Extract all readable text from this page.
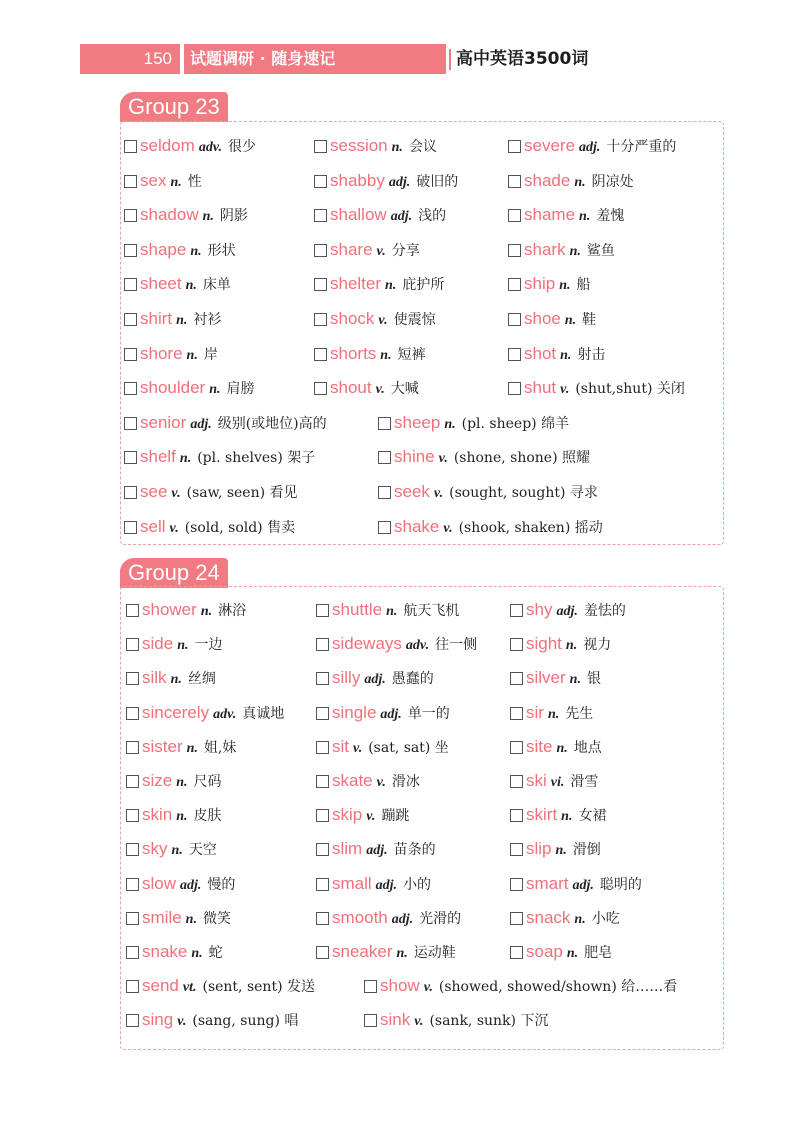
150	试题调研 · 随身速记	高中英语3500词
Group 23
Group 24
seldom adv. 很少	session n. 会议	severe adj. 十分严重的
sex n. 性	shabby adj. 破旧的	shade n. 阴凉处
shadow n. 阴影	shallow adj. 浅的	shame n. 羞愧
shape n. 形状	share v. 分享	shark n. 鲨鱼
sheet n. 床单	shelter n. 庇护所	ship n. 船
shirt n. 衬衫	shock v. 使震惊	shoe n. 鞋
shore n. 岸	shorts n. 短裤	shot n. 射击
shoulder n. 肩膀	shout v. 大喊	shut v. (shut,shut) 关闭
senior adj. 级别(或地位)高的	sheep n. (pl. sheep) 绵羊
shelf n. (pl. shelves) 架子	shine v. (shone, shone) 照耀
see v. (saw, seen) 看见	seek v. (sought, sought) 寻求
sell v. (sold, sold) 售卖	shake v. (shook, shaken) 摇动
shower n. 淋浴	shuttle n. 航天飞机	shy adj. 羞怯的
side n. 一边	sideways adv. 往一侧	sight n. 视力
silk n. 丝绸	silly adj. 愚蠢的	silver n. 银
sincerely adv. 真诚地	single adj. 单一的	sir n. 先生
sister n. 姐,妹	sit v. (sat, sat) 坐	site n. 地点
size n. 尺码	skate v. 滑冰	ski vi. 滑雪
skin n. 皮肤	skip v. 蹦跳	skirt n. 女裙
sky n. 天空	slim adj. 苗条的	slip n. 滑倒
slow adj. 慢的	small adj. 小的	smart adj. 聪明的
smile n. 微笑	smooth adj. 光滑的	snack n. 小吃
snake n. 蛇	sneaker n. 运动鞋	soap n. 肥皂
send vt. (sent, sent) 发送	show v. (showed, showed/shown) 给……看
sing v. (sang, sung) 唱	sink v. (sank, sunk) 下沉
